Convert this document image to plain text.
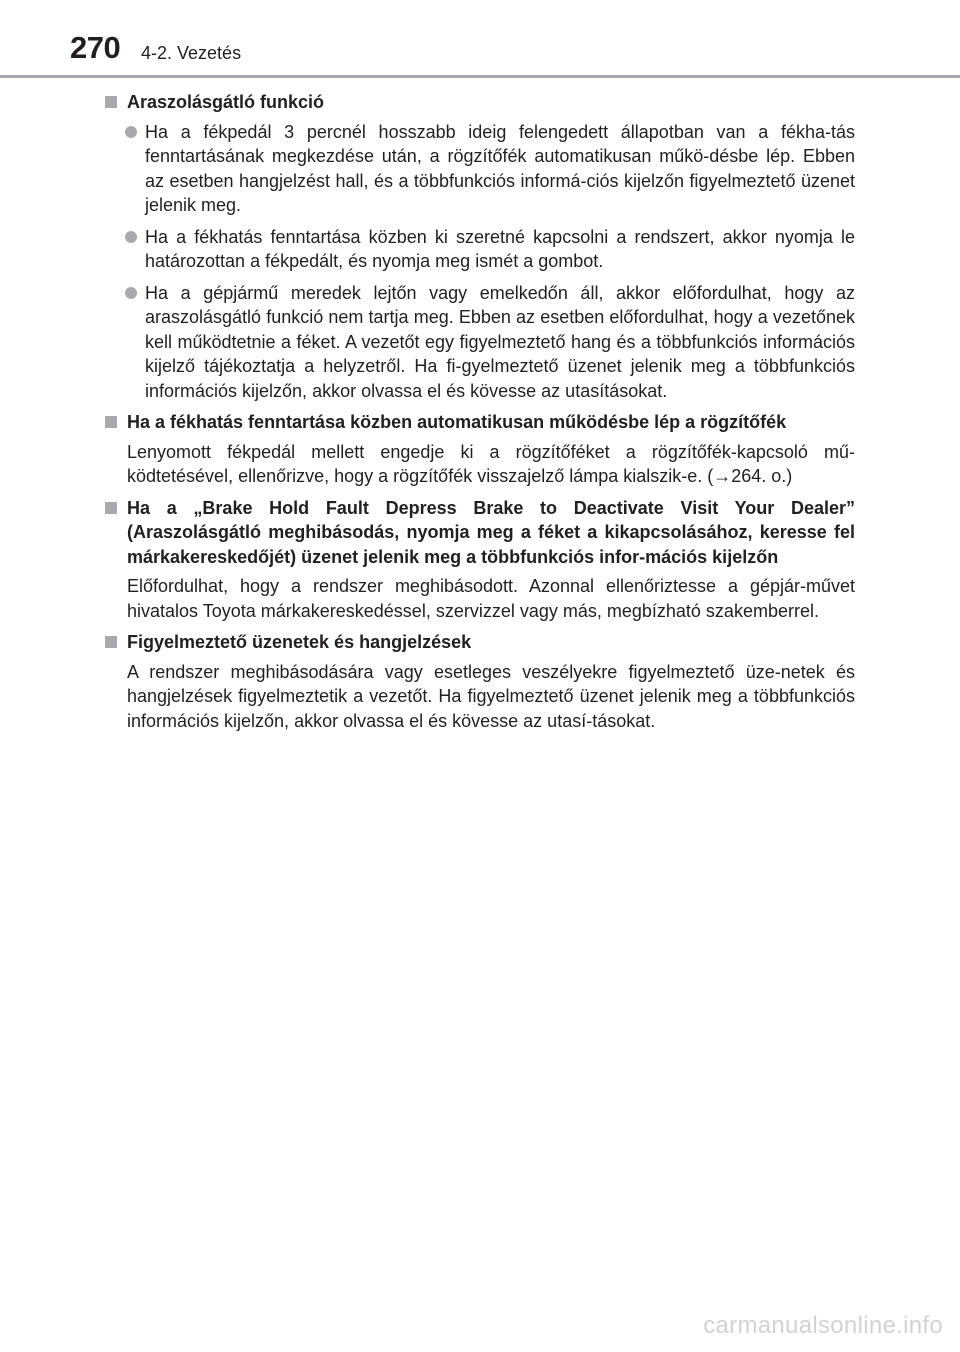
270 4-2. Vezetés
Araszolásgátló funkció
Ha a fékpedál 3 percnél hosszabb ideig felengedett állapotban van a fékha-tás fenntartásának megkezdése után, a rögzítőfék automatikusan műkö-désbe lép. Ebben az esetben hangjelzést hall, és a többfunkciós informá-ciós kijelzőn figyelmeztető üzenet jelenik meg.
Ha a fékhatás fenntartása közben ki szeretné kapcsolni a rendszert, akkor nyomja le határozottan a fékpedált, és nyomja meg ismét a gombot.
Ha a gépjármű meredek lejtőn vagy emelkedőn áll, akkor előfordulhat, hogy az araszolásgátló funkció nem tartja meg. Ebben az esetben előfordulhat, hogy a vezetőnek kell működtetnie a féket. A vezetőt egy figyelmeztető hang és a többfunkciós információs kijelző tájékoztatja a helyzetről. Ha fi-gyelmeztető üzenet jelenik meg a többfunkciós információs kijelzőn, akkor olvassa el és kövesse az utasításokat.
Ha a fékhatás fenntartása közben automatikusan működésbe lép a rögzítőfék
Lenyomott fékpedál mellett engedje ki a rögzítőféket a rögzítőfék-kapcsoló mű-ködtetésével, ellenőrizve, hogy a rögzítőfék visszajelző lámpa kialszik-e. (→264. o.)
Ha a „Brake Hold Fault Depress Brake to Deactivate Visit Your Dealer” (Araszolásgátló meghibásodás, nyomja meg a féket a kikapcsolásához, keresse fel márkakereskedőjét) üzenet jelenik meg a többfunkciós infor-mációs kijelzőn
Előfordulhat, hogy a rendszer meghibásodott. Azonnal ellenőriztesse a gépjár-művet hivatalos Toyota márkakereskedéssel, szervizzel vagy más, megbízható szakemberrel.
Figyelmeztető üzenetek és hangjelzések
A rendszer meghibásodására vagy esetleges veszélyekre figyelmeztető üze-netek és hangjelzések figyelmeztetik a vezetőt. Ha figyelmeztető üzenet jelenik meg a többfunkciós információs kijelzőn, akkor olvassa el és kövesse az utasí-tásokat.
carmanualsonline.info
